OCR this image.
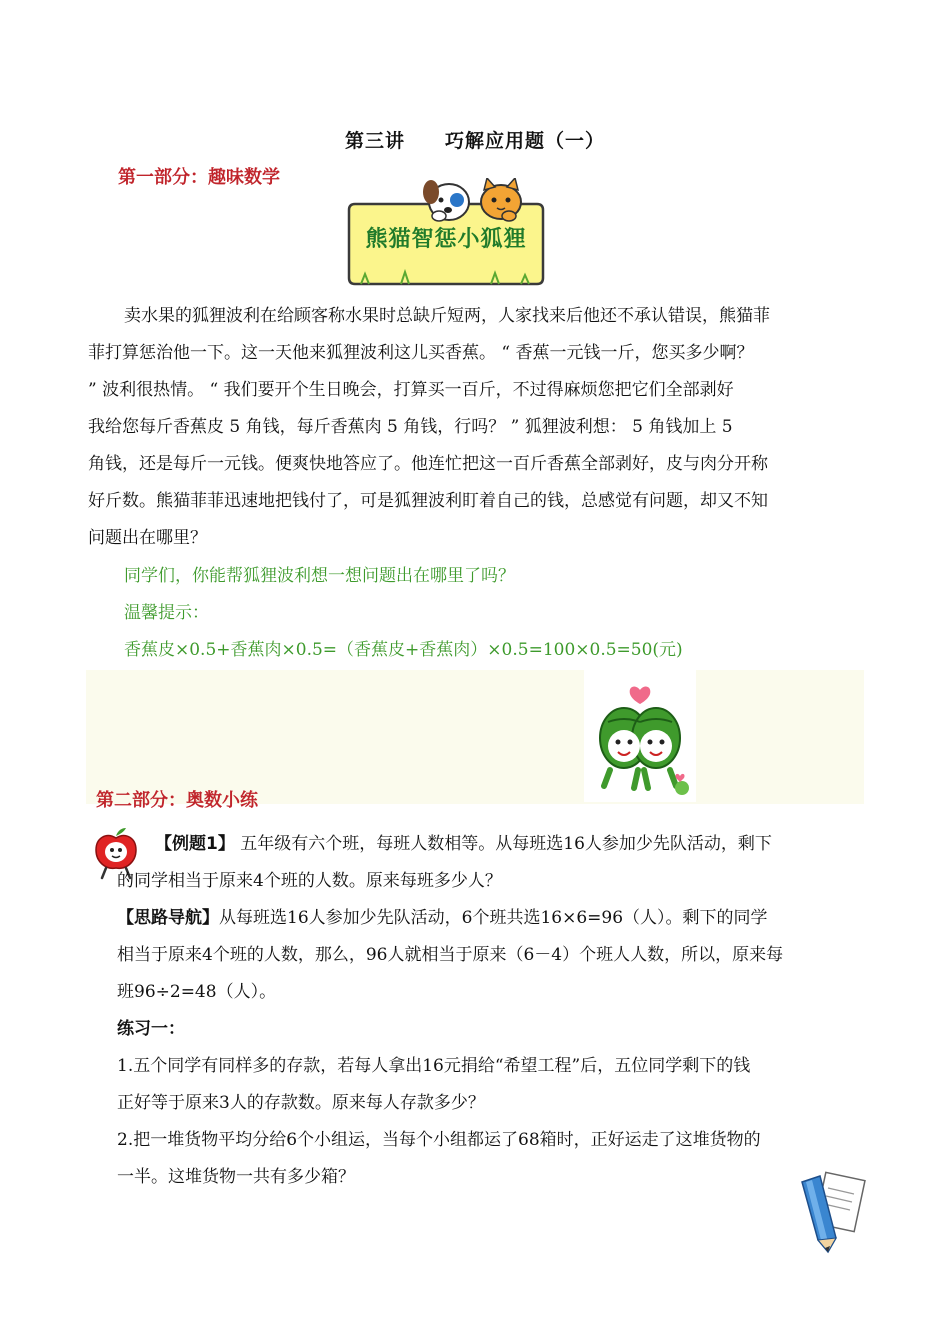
第三讲 巧解应用题（一）
第一部分：趣味数学
熊猫智惩小狐狸
卖水果的狐狸波利在给顾客称水果时总缺斤短两，人家找来后他还不承认错误，熊猫菲
菲打算惩治他一下。这一天他来狐狸波利这儿买香蕉。 “ 香蕉一元钱一斤，您买多少啊？
” 波利很热情。 “ 我们要开个生日晚会，打算买一百斤，不过得麻烦您把它们全部剥好
我给您每斤香蕉皮 5 角钱，每斤香蕉肉 5 角钱，行吗？ ” 狐狸波利想： 5 角钱加上 5
角钱，还是每斤一元钱。便爽快地答应了。他连忙把这一百斤香蕉全部剥好，皮与肉分开称
好斤数。熊猫菲菲迅速地把钱付了，可是狐狸波利盯着自己的钱，总感觉有问题，却又不知
问题出在哪里？
同学们，你能帮狐狸波利想一想问题出在哪里了吗？
温馨提示：
香蕉皮×0.5+香蕉肉×0.5=（香蕉皮+香蕉肉）×0.5=100×0.5=50(元)
第二部分：奥数小练
【例题1】 五年级有六个班，每班人数相等。从每班选16人参加少先队活动，剩下
的同学相当于原来4个班的人数。原来每班多少人？
【思路导航】从每班选16人参加少先队活动，6个班共选16×6=96（人）。剩下的同学
相当于原来4个班的人数，那么，96人就相当于原来（6－4）个班人人数，所以，原来每
班96÷2=48（人）。
练习一：
1.五个同学有同样多的存款，若每人拿出16元捐给“希望工程”后，五位同学剩下的钱
正好等于原来3人的存款数。原来每人存款多少？
2.把一堆货物平均分给6个小组运，当每个小组都运了68箱时，正好运走了这堆货物的
一半。这堆货物一共有多少箱？
